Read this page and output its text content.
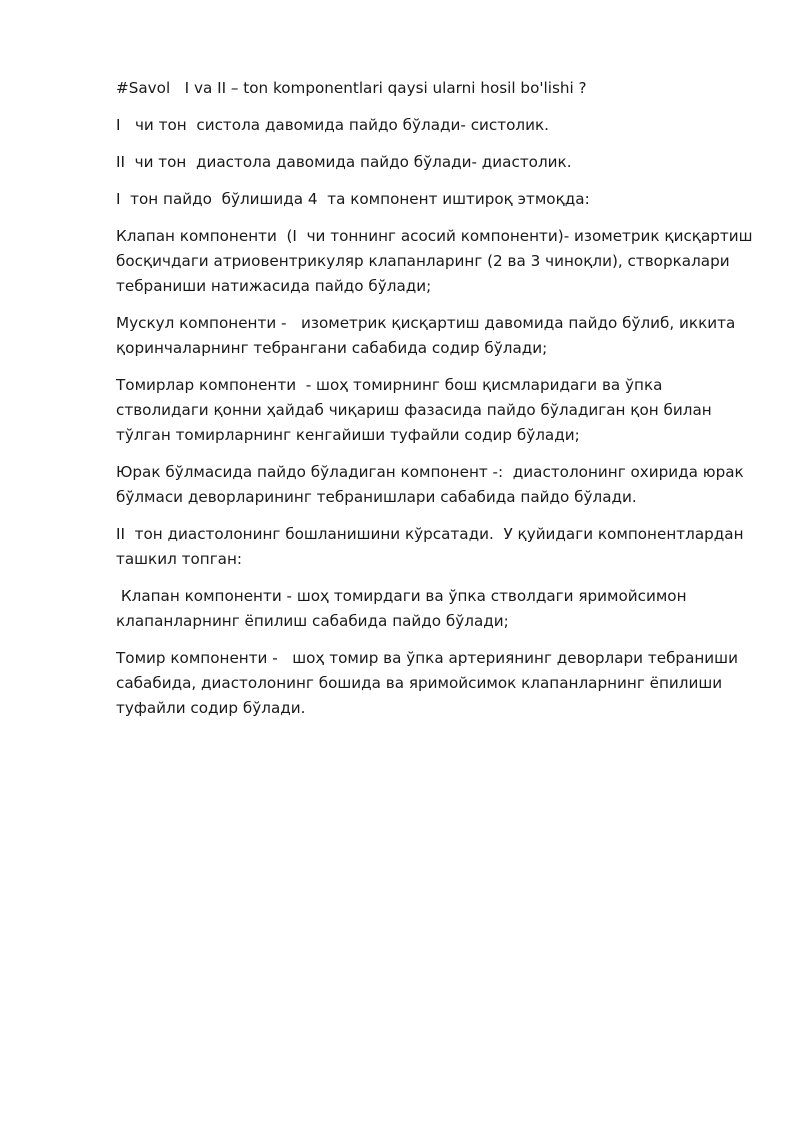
#Savol   I va II – ton komponentlari qaysi ularni hosil bo'lishi ?

I   чи тон  систола давомида пайдо бўлади- систолик.

II  чи тон  диастола давомида пайдо бўлади- диастолик.

I  тон пайдо  бўлишида 4  та компонент иштироқ этмоқда:

Клапан компоненти  (I  чи тоннинг асосий компоненти)- изометрик қисқартиш босқичдаги атриовентрикуляр клапанларинг (2 ва 3 чиноқли), створкалари тебраниши натижасида пайдо бўлади;

Мускул компоненти -   изометрик қисқартиш давомида пайдо бўлиб, иккита қоринчаларнинг тебрангани сабабида содир бўлади;

Томирлар компоненти  - шоҳ томирнинг бош қисмларидаги ва ўпка стволидаги қонни ҳайдаб чиқариш фазасида пайдо бўладиган қон билан тўлган томирларнинг кенгайиши туфайли содир бўлади;

Юрак бўлмасида пайдо бўладиган компонент -:  диастолонинг охирида юрак бўлмаси деворларининг тебранишлари сабабида пайдо бўлади.

II  тон диастолонинг бошланишини кўрсатади.  У қуйидаги компонентлардан ташкил топган:

Клапан компоненти - шоҳ томирдаги ва ўпка стволдаги яримойсимон клапанларнинг ёпилиш сабабида пайдо бўлади;

Томир компоненти -   шоҳ томир ва ўпка артериянинг деворлари тебраниши сабабида, диастолонинг бошида ва яримойсимок клапанларнинг ёпилиши туфайли содир бўлади.
